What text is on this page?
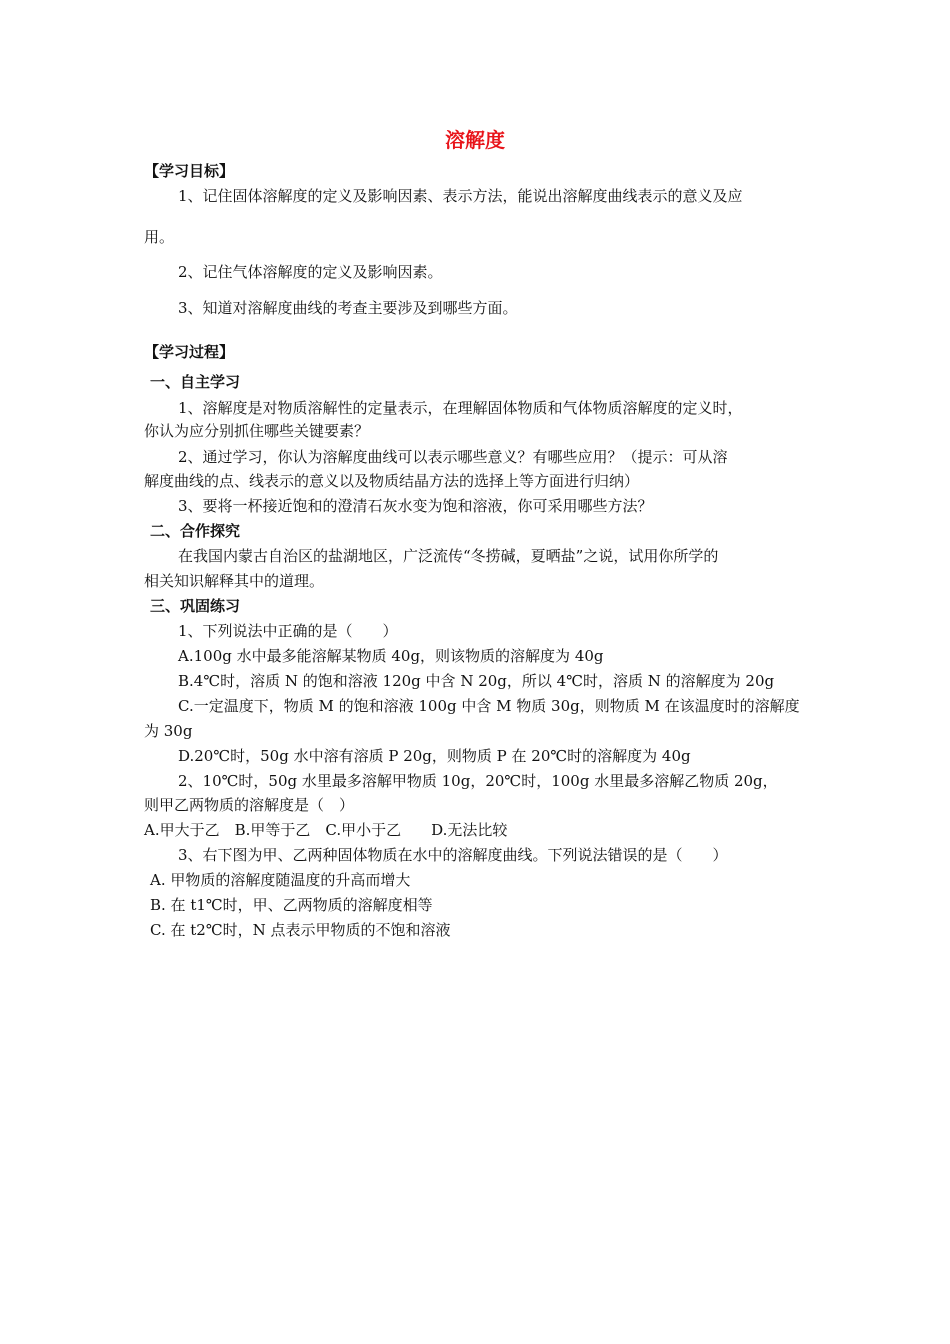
溶解度
【学习目标】
1、记住固体溶解度的定义及影响因素、表示方法，能说出溶解度曲线表示的意义及应
用。
2、记住气体溶解度的定义及影响因素。
3、知道对溶解度曲线的考查主要涉及到哪些方面。
【学习过程】
一、自主学习
1、溶解度是对物质溶解性的定量表示，在理解固体物质和气体物质溶解度的定义时，
你认为应分别抓住哪些关键要素？
2、通过学习，你认为溶解度曲线可以表示哪些意义？有哪些应用？（提示：可从溶
解度曲线的点、线表示的意义以及物质结晶方法的选择上等方面进行归纳）
3、要将一杯接近饱和的澄清石灰水变为饱和溶液，你可采用哪些方法？
二、合作探究
在我国内蒙古自治区的盐湖地区，广泛流传“冬捞碱，夏晒盐”之说，试用你所学的
相关知识解释其中的道理。
三、巩固练习
1、下列说法中正确的是（　　）
A.100g 水中最多能溶解某物质 40g，则该物质的溶解度为 40g
B.4℃时，溶质 N 的饱和溶液 120g 中含 N 20g，所以 4℃时，溶质 N 的溶解度为 20g
C.一定温度下，物质 M 的饱和溶液 100g 中含 M 物质 30g，则物质 M 在该温度时的溶解度
为 30g
D.20℃时，50g 水中溶有溶质 P 20g，则物质 P 在 20℃时的溶解度为 40g
2、10℃时，50g 水里最多溶解甲物质 10g，20℃时，100g 水里最多溶解乙物质 20g，
则甲乙两物质的溶解度是（　）
A.甲大于乙　B.甲等于乙　C.甲小于乙　　D.无法比较
3、右下图为甲、乙两种固体物质在水中的溶解度曲线。下列说法错误的是（　　）
A. 甲物质的溶解度随温度的升高而增大
B. 在 t1℃时，甲、乙两物质的溶解度相等
C. 在 t2℃时，N 点表示甲物质的不饱和溶液
